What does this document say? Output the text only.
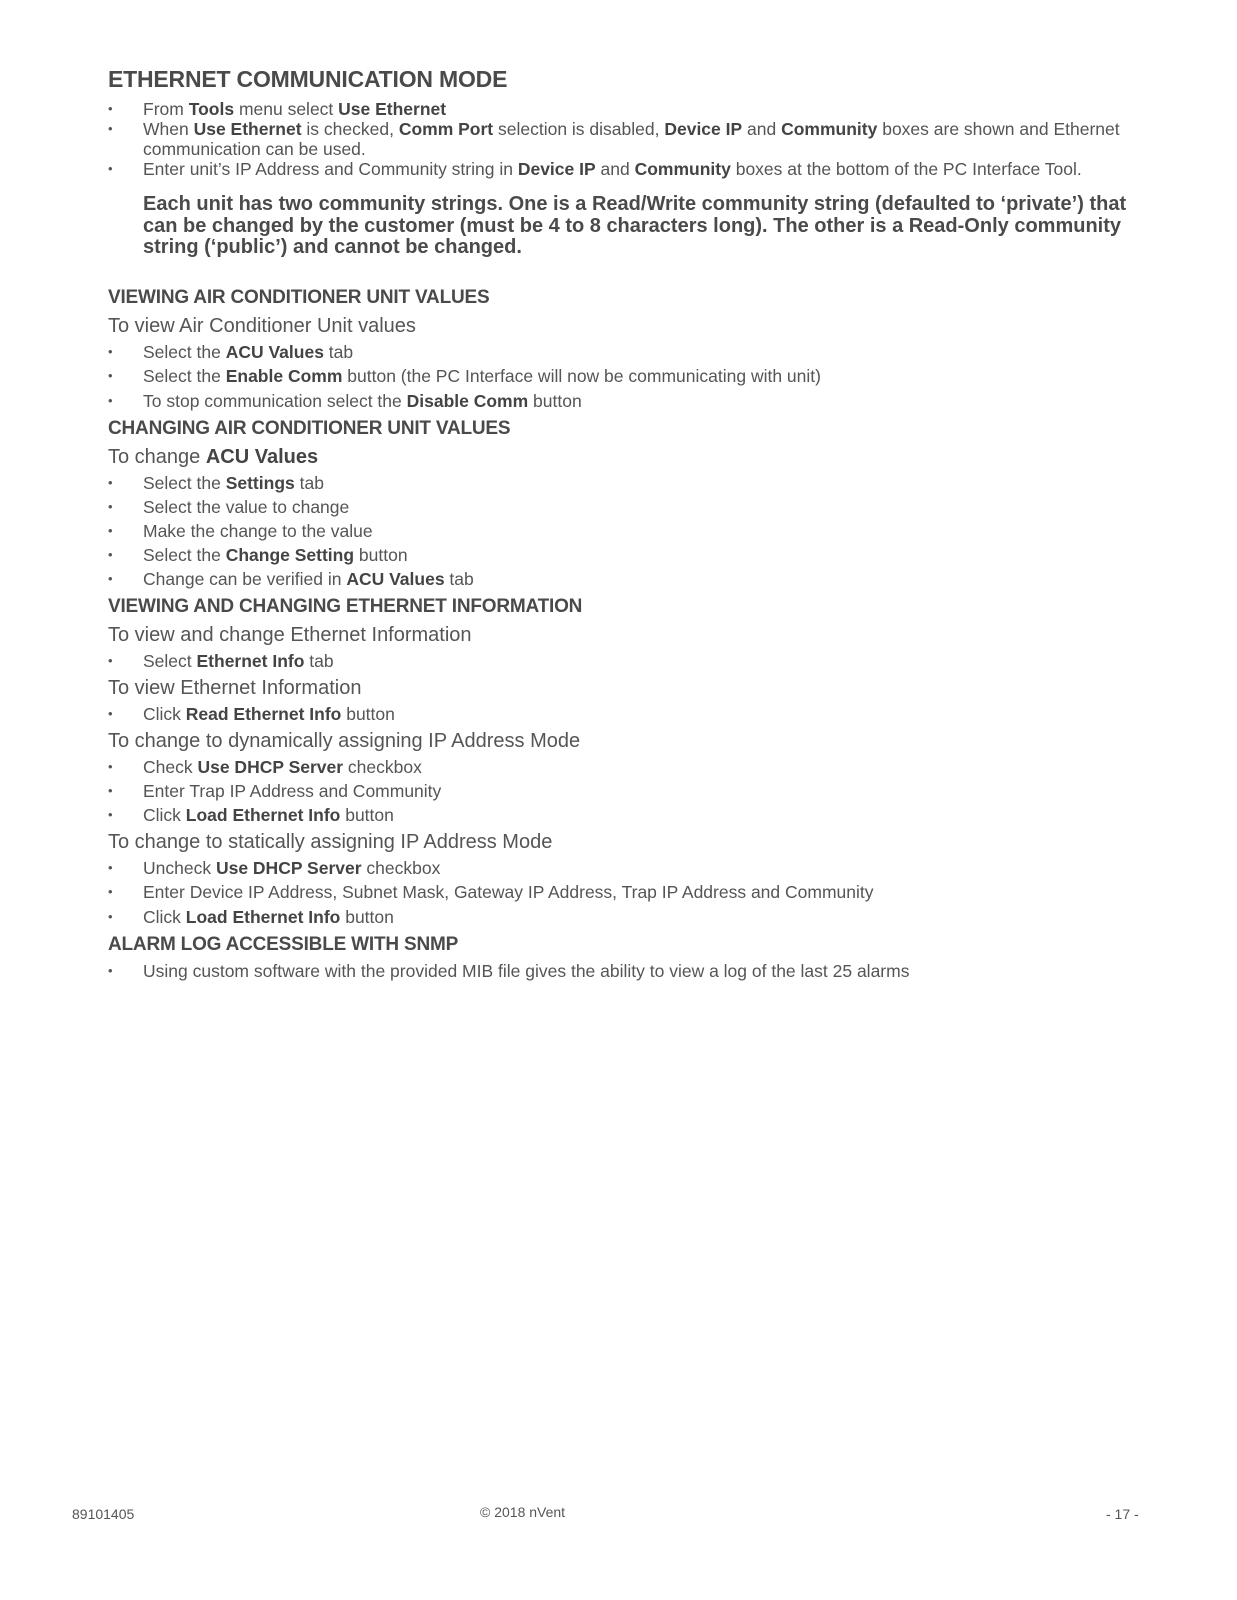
ETHERNET COMMUNICATION MODE
• From Tools menu select Use Ethernet
• When Use Ethernet is checked, Comm Port selection is disabled, Device IP and Community boxes are shown and Ethernet communication can be used.
• Enter unit’s IP Address and Community string in Device IP and Community boxes at the bottom of the PC Interface Tool.

Each unit has two community strings. One is a Read/Write community string (defaulted to ‘private’) that can be changed by the customer (must be 4 to 8 characters long). The other is a Read-Only community string (‘public’) and cannot be changed.

VIEWING AIR CONDITIONER UNIT VALUES

To view Air Conditioner Unit values

• Select the ACU Values tab
• Select the Enable Comm button (the PC Interface will now be communicating with unit)
• To stop communication select the Disable Comm button
CHANGING AIR CONDITIONER UNIT VALUES

To change ACU Values

• Select the Settings tab
• Select the value to change
• Make the change to the value
• Select the Change Setting button
• Change can be verified in ACU Values tab
VIEWING AND CHANGING ETHERNET INFORMATION

To view and change Ethernet Information

• Select Ethernet Info tab

To view Ethernet Information

• Click Read Ethernet Info button

To change to dynamically assigning IP Address Mode

• Check Use DHCP Server checkbox
• Enter Trap IP Address and Community
• Click Load Ethernet Info button

To change to statically assigning IP Address Mode

• Uncheck Use DHCP Server checkbox
• Enter Device IP Address, Subnet Mask, Gateway IP Address, Trap IP Address and Community
• Click Load Ethernet Info button
ALARM LOG ACCESSIBLE WITH SNMP
• Using custom software with the provided MIB file gives the ability to view a log of the last 25 alarms
89101405	© 2018 nVent	- 17 -
